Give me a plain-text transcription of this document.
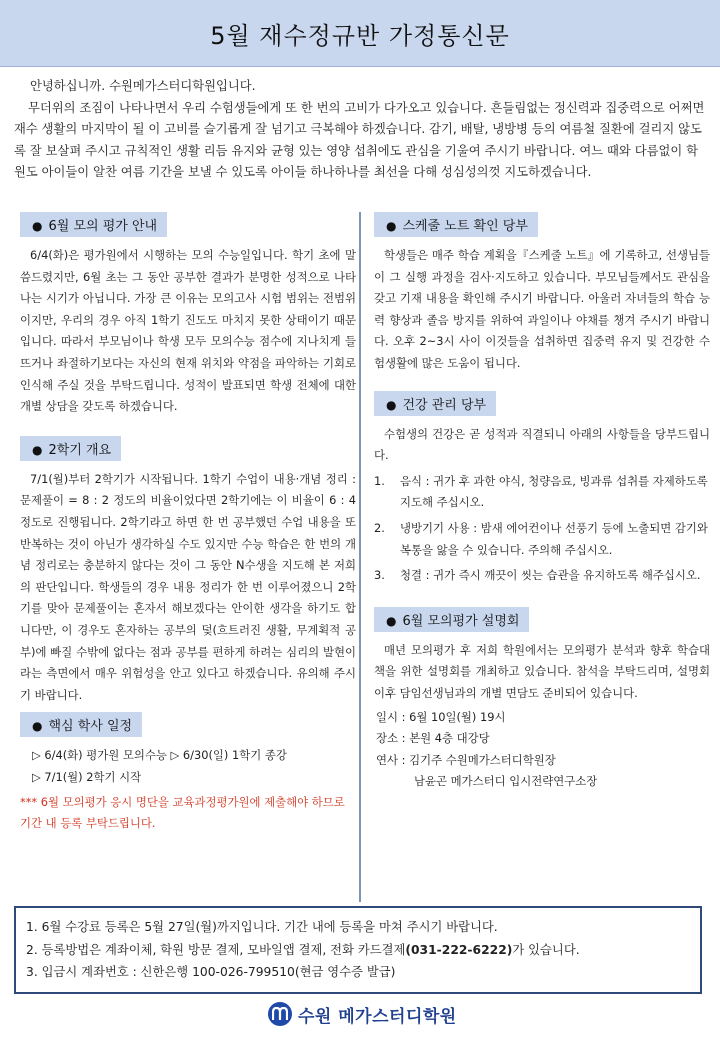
5월 재수정규반 가정통신문

안녕하십니까. 수원메가스터디학원입니다.

무더위의 조짐이 나타나면서 우리 수험생들에게 또 한 번의 고비가 다가오고 있습니다. 흔들림없는 정신력과 집중력으로 어쩌면 재수 생활의 마지막이 될 이 고비를 슬기롭게 잘 넘기고 극복해야 하겠습니다. 감기, 배탈, 냉방병 등의 여름철 질환에 걸리지 않도록 잘 보살펴 주시고 규칙적인 생활 리듬 유지와 균형 있는 영양 섭취에도 관심을 기울여 주시기 바랍니다. 여느 때와 다름없이 학원도 아이들이 알찬 여름 기간을 보낼 수 있도록 아이들 하나하나를 최선을 다해 성심성의껏 지도하겠습니다.

● 6월 모의 평가 안내

6/4(화)은 평가원에서 시행하는 모의 수능일입니다. 학기 초에 말씀드렸지만, 6월 초는 그 동안 공부한 결과가 분명한 성적으로 나타나는 시기가 아닙니다. 가장 큰 이유는 모의고사 시험 범위는 전범위이지만, 우리의 경우 아직 1학기 진도도 마치지 못한 상태이기 때문입니다. 따라서 부모님이나 학생 모두 모의수능 점수에 지나치게 들뜨거나 좌절하기보다는 자신의 현재 위치와 약점을 파악하는 기회로 인식해 주실 것을 부탁드립니다. 성적이 발표되면 학생 전체에 대한 개별 상담을 갖도록 하겠습니다.

● 2학기 개요

7/1(월)부터 2학기가 시작됩니다. 1학기 수업이 내용·개념 정리 : 문제풀이 = 8 : 2 정도의 비율이었다면 2학기에는 이 비율이 6 : 4 정도로 진행됩니다. 2학기라고 하면 한 번 공부했던 수업 내용을 또 반복하는 것이 아닌가 생각하실 수도 있지만 수능 학습은 한 번의 개념 정리로는 충분하지 않다는 것이 그 동안 N수생을 지도해 본 저희의 판단입니다. 학생들의 경우 내용 정리가 한 번 이루어졌으니 2학기를 맞아 문제풀이는 혼자서 해보겠다는 안이한 생각을 하기도 합니다만, 이 경우도 혼자하는 공부의 덫(흐트러진 생활, 무계획적 공부)에 빠질 수밖에 없다는 점과 공부를 편하게 하려는 심리의 발현이라는 측면에서 매우 위험성을 안고 있다고 하겠습니다. 유의해 주시기 바랍니다.

● 핵심 학사 일정
▷ 6/4(화) 평가원 모의수능 ▷ 6/30(일) 1학기 종강
▷ 7/1(월) 2학기 시작
*** 6월 모의평가 응시 명단을 교육과정평가원에 제출해야 하므로 기간 내 등록 부탁드립니다.
● 스케줄 노트 확인 당부

학생들은 매주 학습 계획을『스케줄 노트』에 기록하고, 선생님들이 그 실행 과정을 검사·지도하고 있습니다. 부모님들께서도 관심을 갖고 기재 내용을 확인해 주시기 바랍니다. 아울러 자녀들의 학습 능력 향상과 졸음 방지를 위하여 과일이나 야채를 챙겨 주시기 바랍니다. 오후 2~3시 사이 이것들을 섭취하면 집중력 유지 및 건강한 수험생활에 많은 도움이 됩니다.

● 건강 관리 당부

수험생의 건강은 곧 성적과 직결되니 아래의 사항들을 당부드립니다.

1.	음식 : 귀가 후 과한 야식, 청량음료, 빙과류 섭취를 자제하도록 지도해 주십시오.
2.	냉방기기 사용 : 밤새 에어컨이나 선풍기 등에 노출되면 감기와 복통을 앓을 수 있습니다. 주의해 주십시오.
3.	청결 : 귀가 즉시 깨끗이 씻는 습관을 유지하도록 해주십시오.
● 6월 모의평가 설명회

매년 모의평가 후 저희 학원에서는 모의평가 분석과 향후 학습대책을 위한 설명회를 개최하고 있습니다. 참석을 부탁드리며, 설명회 이후 담임선생님과의 개별 면담도 준비되어 있습니다.

일시 : 6월 10일(월) 19시
장소 : 본원 4층 대강당
연사 : 김기주 수원메가스터디학원장
남윤곤 메가스터디 입시전략연구소장
1. 6월 수강료 등록은 5월 27일(월)까지입니다. 기간 내에 등록을 마쳐 주시기 바랍니다.
2. 등록방법은 계좌이체, 학원 방문 결제, 모바일앱 결제, 전화 카드결제(031-222-6222)가 있습니다.
3. 입금시 계좌번호 : 신한은행 100-026-799510(현금 영수증 발급)
수원 메가스터디학원
